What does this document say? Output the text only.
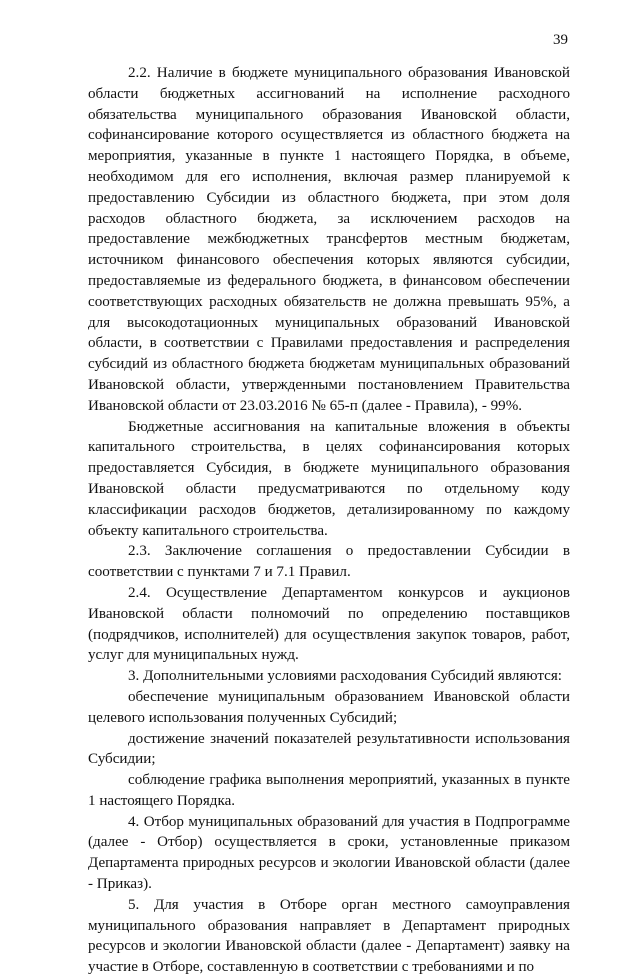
39

2.2. Наличие в бюджете муниципального образования Ивановской области бюджетных ассигнований на исполнение расходного обязательства муниципального образования Ивановской области, софинансирование которого осуществляется из областного бюджета на мероприятия, указанные в пункте 1 настоящего Порядка, в объеме, необходимом для его исполнения, включая размер планируемой к предоставлению Субсидии из областного бюджета, при этом доля расходов областного бюджета, за исключением расходов на предоставление межбюджетных трансфертов местным бюджетам, источником финансового обеспечения которых являются субсидии, предоставляемые из федерального бюджета, в финансовом обеспечении соответствующих расходных обязательств не должна превышать 95%, а для высокодотационных муниципальных образований Ивановской области, в соответствии с Правилами предоставления и распределения субсидий из областного бюджета бюджетам муниципальных образований Ивановской области, утвержденными постановлением Правительства Ивановской области от 23.03.2016 № 65-п (далее - Правила), - 99%.

Бюджетные ассигнования на капитальные вложения в объекты капитального строительства, в целях софинансирования которых предоставляется Субсидия, в бюджете муниципального образования Ивановской области предусматриваются по отдельному коду классификации расходов бюджетов, детализированному по каждому объекту капитального строительства.

2.3. Заключение соглашения о предоставлении Субсидии в соответствии с пунктами 7 и 7.1 Правил.

2.4. Осуществление Департаментом конкурсов и аукционов Ивановской области полномочий по определению поставщиков (подрядчиков, исполнителей) для осуществления закупок товаров, работ, услуг для муниципальных нужд.

3. Дополнительными условиями расходования Субсидий являются:

обеспечение муниципальным образованием Ивановской области целевого использования полученных Субсидий;

достижение значений показателей результативности использования Субсидии;

соблюдение графика выполнения мероприятий, указанных в пункте 1 настоящего Порядка.

4. Отбор муниципальных образований для участия в Подпрограмме (далее - Отбор) осуществляется в сроки, установленные приказом Департамента природных ресурсов и экологии Ивановской области (далее - Приказ).

5. Для участия в Отборе орган местного самоуправления муниципального образования направляет в Департамент природных ресурсов и экологии Ивановской области (далее - Департамент) заявку на участие в Отборе, составленную в соответствии с требованиями и по
